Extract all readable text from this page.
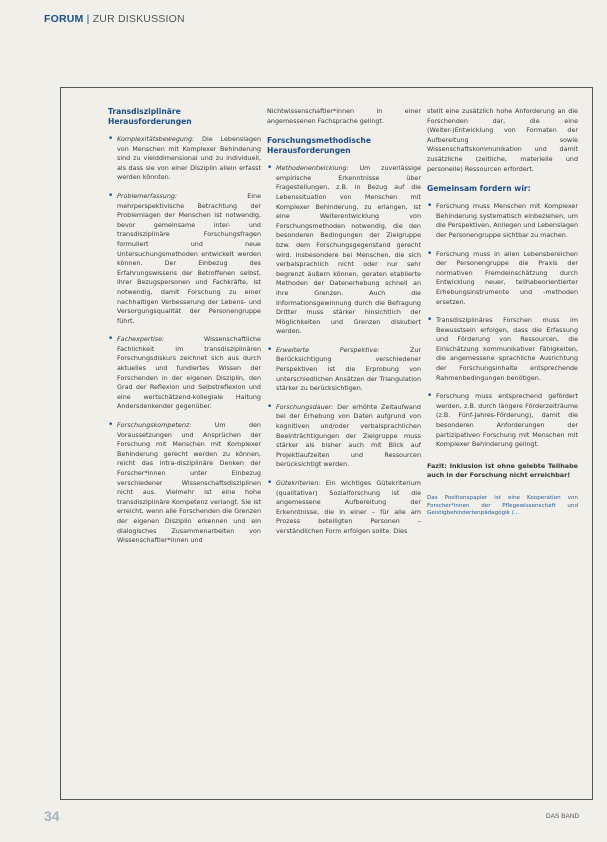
FORUM | ZUR DISKUSSION
Transdisziplinäre Herausforderungen
• Komplexitätsbewegung: Die Lebenslagen von Menschen mit Komplexer Behinderung sind zu vielddimensional und zu individuell, als dass sie von einer Disziplin allein erfasst werden könnten.
• Problemerfassung:	Eine mehrperspektivische Betrachtung der Problemlagen der Menschen ist notwendig, bevor gemeinsame inter- und transdisziplinäre Forschungsfragen formuliert und neue Untersuchungsmethoden entwickelt werden können. Der Einbezug des Erfahrungswissens der Betroffenen selbst, ihrer Bezugspersonen und Fachkräfte, ist notwendig, damit Forschung zu einer nachhaltigen Verbesserung der Lebens- und Versorgungsqualität der Personengruppe führt.
• Fachexpertise:	Wissenschaftliche Fachlichkeit im transdisziplinären Forschungsdiskurs zeichnet sich aus durch aktuelles und fundiertes Wissen der Forschenden in der eigenen Disziplin, den Grad der Reflexion und Selbstreflexion und eine wertschätzend-kollegiale Haltung Andersdenkender gegenüber.
• Forschungskompetenz:	Um den Voraussetzungen und Ansprüchen der Forschung mit Menschen mit Komplexer Behinderung gerecht werden zu können, reicht das intra-disziplinäre Denken der Forscher*innen unter Einbezug verschiedener Wissenschaftsdisziplinen nicht aus. Vielmehr ist eine hohe transdisziplinäre Kompetenz verlangt. Sie ist erreicht, wenn alle Forschenden die Grenzen der eigenen Disziplin erkennen und ein dialogisches Zusammenarbeiten von Wissenschaftler*innen und

Nichtwissenschaftler*innen in einer angemessenen Fachsprache gelingt.

Forschungsmethodische Herausforderungen
• Methodenentwicklung: Um zuverlässige empirische Erkenntnisse über Fragestellungen, z.B. in Bezug auf die Lebenssituation von Menschen mit Komplexer Behinderung, zu erlangen, ist eine Weiterentwicklung von Forschungsmethoden notwendig, die den besonderen Bedingungen der Zielgruppe bzw. dem Forschungsgegenstand gerecht wird. Insbesondere bei Menschen, die sich verbalsprachlich nicht oder nur sehr begrenzt äußern können, geraten etablierte Methoden der Datenerhebung schnell an ihre Grenzen. Auch die Informationsgewinnung durch die Befragung Dritter muss stärker hinsichtlich der Möglichkeiten und Grenzen diskutiert werden.
• Erweiterte Perspektive:	Zur Berücksichtigung verschiedener Perspektiven ist die Erprobung von unterschiedlichen Ansätzen der Triangulation stärker zu berücksichtigen.
• Forschungsdauer: Der erhöhte Zeitaufwand bei der Erhebung von Daten aufgrund von kognitiven und/oder verbalsprachlichen Beeinträchtigungen der Zielgruppe muss stärker als bisher auch mit Blick auf Projektlaufzeiten und Ressourcen berücksichtigt werden.
• Gütekriterien: Ein wichtiges Gütekriterium (qualitativer) Sozialforschung ist die angemessene Aufbereitung der Erkenntnisse, die in einer – für alle am Prozess beteiligten Personen – verständlichen Form erfolgen sollte. Dies

stellt eine zusätzlich hohe Anforderung an die Forschenden dar, die eine (Weiter-)Entwicklung von Formaten der Aufbereitung sowie Wissenschaftskommunikation und damit zusätzliche (zeitliche, materielle und personelle) Ressourcen erfordert.

Gemeinsam fordern wir:
• Forschung muss Menschen mit Komplexer Behinderung systematisch einbeziehen, um die Perspektiven, Anliegen und Lebenslagen der Personengruppe sichtbar zu machen.
• Forschung muss in allen Lebensbereichen der Personengruppe die Praxis der normativen Fremdeinschätzung durch Entwicklung neuer, teilhabeorientierter Erhebungsinstrumente und -methoden ersetzen.
• Transdisziplinäres Forschen muss im Bewusstsein erfolgen, dass die Erfassung und Förderung von Ressourcen, die Einschätzung kommunikativer Fähigkeiten, die angemessene sprachliche Ausrichtung der Forschungsinhalte entsprechende Rahmenbedingungen benötigen.
• Forschung muss entsprechend gefördert werden, z.B. durch längere Förderzeiträume (z.B. Fünf-Jahres-Förderung), damit die besonderen Anforderungen der partizipativen Forschung mit Menschen mit Komplexer Behinderung gelingt.

Fazit: Inklusion ist ohne gelebte Teilhabe auch in der Forschung nicht erreichbar!

Das Positionspapier ist eine Kooperation von Forscher*innen der Pflegewissenschaft und Geistigbehindertenpädagogik (...

34	DAS BAND
